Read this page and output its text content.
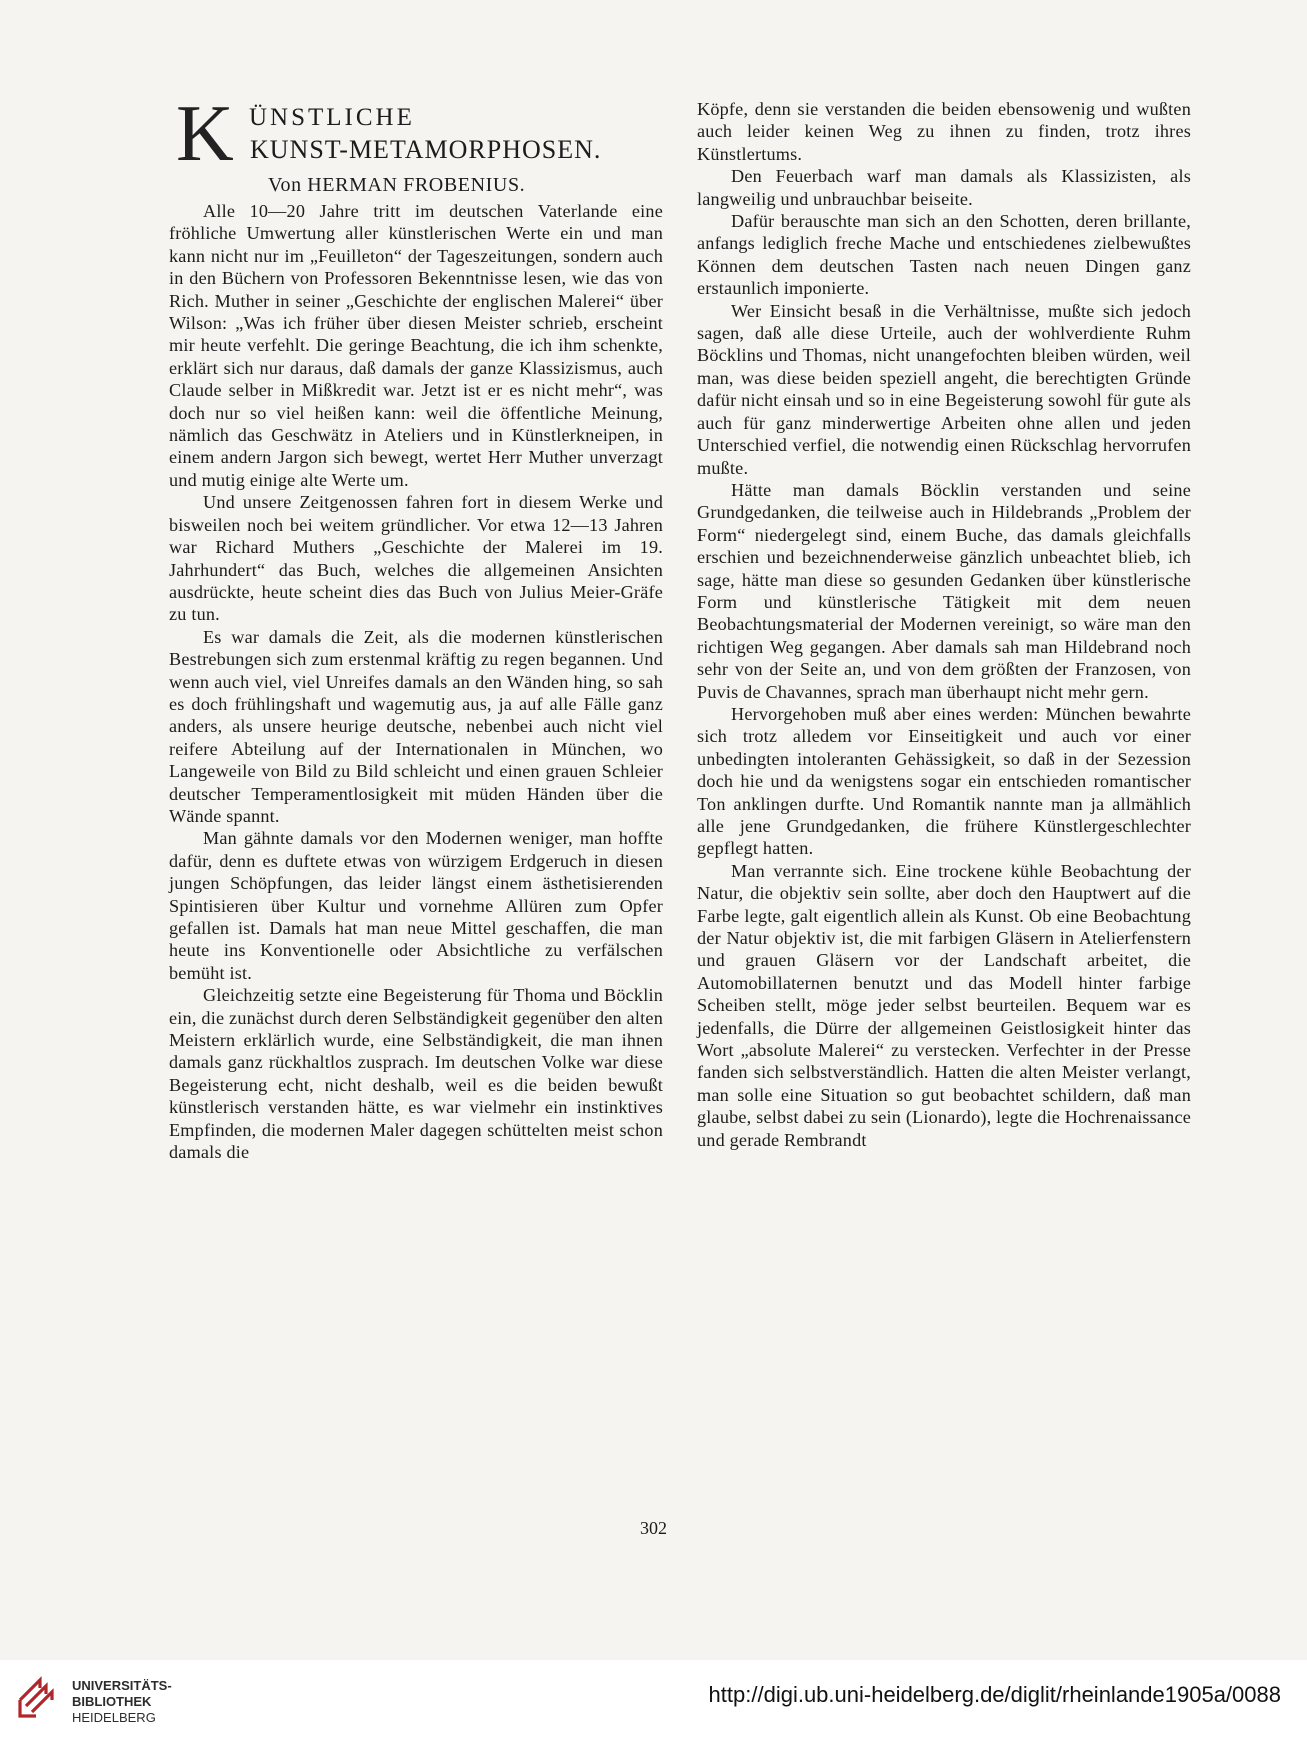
K ÜNSTLICHE
KUNST-METAMORPHOSEN.
Von HERMAN FROBENIUS.

Alle 10—20 Jahre tritt im deutschen Vaterlande eine fröhliche Umwertung aller künstlerischen Werte ein und man kann nicht nur im „Feuilleton“ der Tageszeitungen, sondern auch in den Büchern von Professoren Bekenntnisse lesen, wie das von Rich. Muther in seiner „Geschichte der englischen Malerei“ über Wilson: „Was ich früher über diesen Meister schrieb, erscheint mir heute verfehlt. Die geringe Beachtung, die ich ihm schenkte, erklärt sich nur daraus, daß damals der ganze Klassizismus, auch Claude selber in Mißkredit war. Jetzt ist er es nicht mehr“, was doch nur so viel heißen kann: weil die öffentliche Meinung, nämlich das Geschwätz in Ateliers und in Künstlerkneipen, in einem andern Jargon sich bewegt, wertet Herr Muther unverzagt und mutig einige alte Werte um.

Und unsere Zeitgenossen fahren fort in diesem Werke und bisweilen noch bei weitem gründlicher. Vor etwa 12—13 Jahren war Richard Muthers „Geschichte der Malerei im 19. Jahrhundert“ das Buch, welches die allgemeinen Ansichten ausdrückte, heute scheint dies das Buch von Julius Meier-Gräfe zu tun.

Es war damals die Zeit, als die modernen künstlerischen Bestrebungen sich zum erstenmal kräftig zu regen begannen. Und wenn auch viel, viel Unreifes damals an den Wänden hing, so sah es doch frühlingshaft und wagemutig aus, ja auf alle Fälle ganz anders, als unsere heurige deutsche, nebenbei auch nicht viel reifere Abteilung auf der Internationalen in München, wo Langeweile von Bild zu Bild schleicht und einen grauen Schleier deutscher Temperamentlosigkeit mit müden Händen über die Wände spannt.

Man gähnte damals vor den Modernen weniger, man hoffte dafür, denn es duftete etwas von würzigem Erdgeruch in diesen jungen Schöpfungen, das leider längst einem ästhetisierenden Spintisieren über Kultur und vornehme Allüren zum Opfer gefallen ist. Damals hat man neue Mittel geschaffen, die man heute ins Konventionelle oder Absichtliche zu verfälschen bemüht ist.

Gleichzeitig setzte eine Begeisterung für Thoma und Böcklin ein, die zunächst durch deren Selbständigkeit gegenüber den alten Meistern erklärlich wurde, eine Selbständigkeit, die man ihnen damals ganz rückhaltlos zusprach. Im deutschen Volke war diese Begeisterung echt, nicht deshalb, weil es die beiden bewußt künstlerisch verstanden hätte, es war vielmehr ein instinktives Empfinden, die modernen Maler dagegen schüttelten meist schon damals die

Köpfe, denn sie verstanden die beiden ebensowenig und wußten auch leider keinen Weg zu ihnen zu finden, trotz ihres Künstlertums.

Den Feuerbach warf man damals als Klassizisten, als langweilig und unbrauchbar beiseite.

Dafür berauschte man sich an den Schotten, deren brillante, anfangs lediglich freche Mache und entschiedenes zielbewußtes Können dem deutschen Tasten nach neuen Dingen ganz erstaunlich imponierte.

Wer Einsicht besaß in die Verhältnisse, mußte sich jedoch sagen, daß alle diese Urteile, auch der wohlverdiente Ruhm Böcklins und Thomas, nicht unangefochten bleiben würden, weil man, was diese beiden speziell angeht, die berechtigten Gründe dafür nicht einsah und so in eine Begeisterung sowohl für gute als auch für ganz minderwertige Arbeiten ohne allen und jeden Unterschied verfiel, die notwendig einen Rückschlag hervorrufen mußte.

Hätte man damals Böcklin verstanden und seine Grundgedanken, die teilweise auch in Hildebrands „Problem der Form“ niedergelegt sind, einem Buche, das damals gleichfalls erschien und bezeichnenderweise gänzlich unbeachtet blieb, ich sage, hätte man diese so gesunden Gedanken über künstlerische Form und künstlerische Tätigkeit mit dem neuen Beobachtungsmaterial der Modernen vereinigt, so wäre man den richtigen Weg gegangen. Aber damals sah man Hildebrand noch sehr von der Seite an, und von dem größten der Franzosen, von Puvis de Chavannes, sprach man überhaupt nicht mehr gern.

Hervorgehoben muß aber eines werden: München bewahrte sich trotz alledem vor Einseitigkeit und auch vor einer unbedingten intoleranten Gehässigkeit, so daß in der Sezession doch hie und da wenigstens sogar ein entschieden romantischer Ton anklingen durfte. Und Romantik nannte man ja allmählich alle jene Grundgedanken, die frühere Künstlergeschlechter gepflegt hatten.

Man verrannte sich. Eine trockene kühle Beobachtung der Natur, die objektiv sein sollte, aber doch den Hauptwert auf die Farbe legte, galt eigentlich allein als Kunst. Ob eine Beobachtung der Natur objektiv ist, die mit farbigen Gläsern in Atelierfenstern und grauen Gläsern vor der Landschaft arbeitet, die Automobillaternen benutzt und das Modell hinter farbige Scheiben stellt, möge jeder selbst beurteilen. Bequem war es jedenfalls, die Dürre der allgemeinen Geistlosigkeit hinter das Wort „absolute Malerei“ zu verstecken. Verfechter in der Presse fanden sich selbstverständlich. Hatten die alten Meister verlangt, man solle eine Situation so gut beobachtet schildern, daß man glaube, selbst dabei zu sein (Lionardo), legte die Hochrenaissance und gerade Rembrandt

302
UNIVERSITÄTS-
BIBLIOTHEK
HEIDELBERG
http://digi.ub.uni-heidelberg.de/diglit/rheinlande1905a/0088
